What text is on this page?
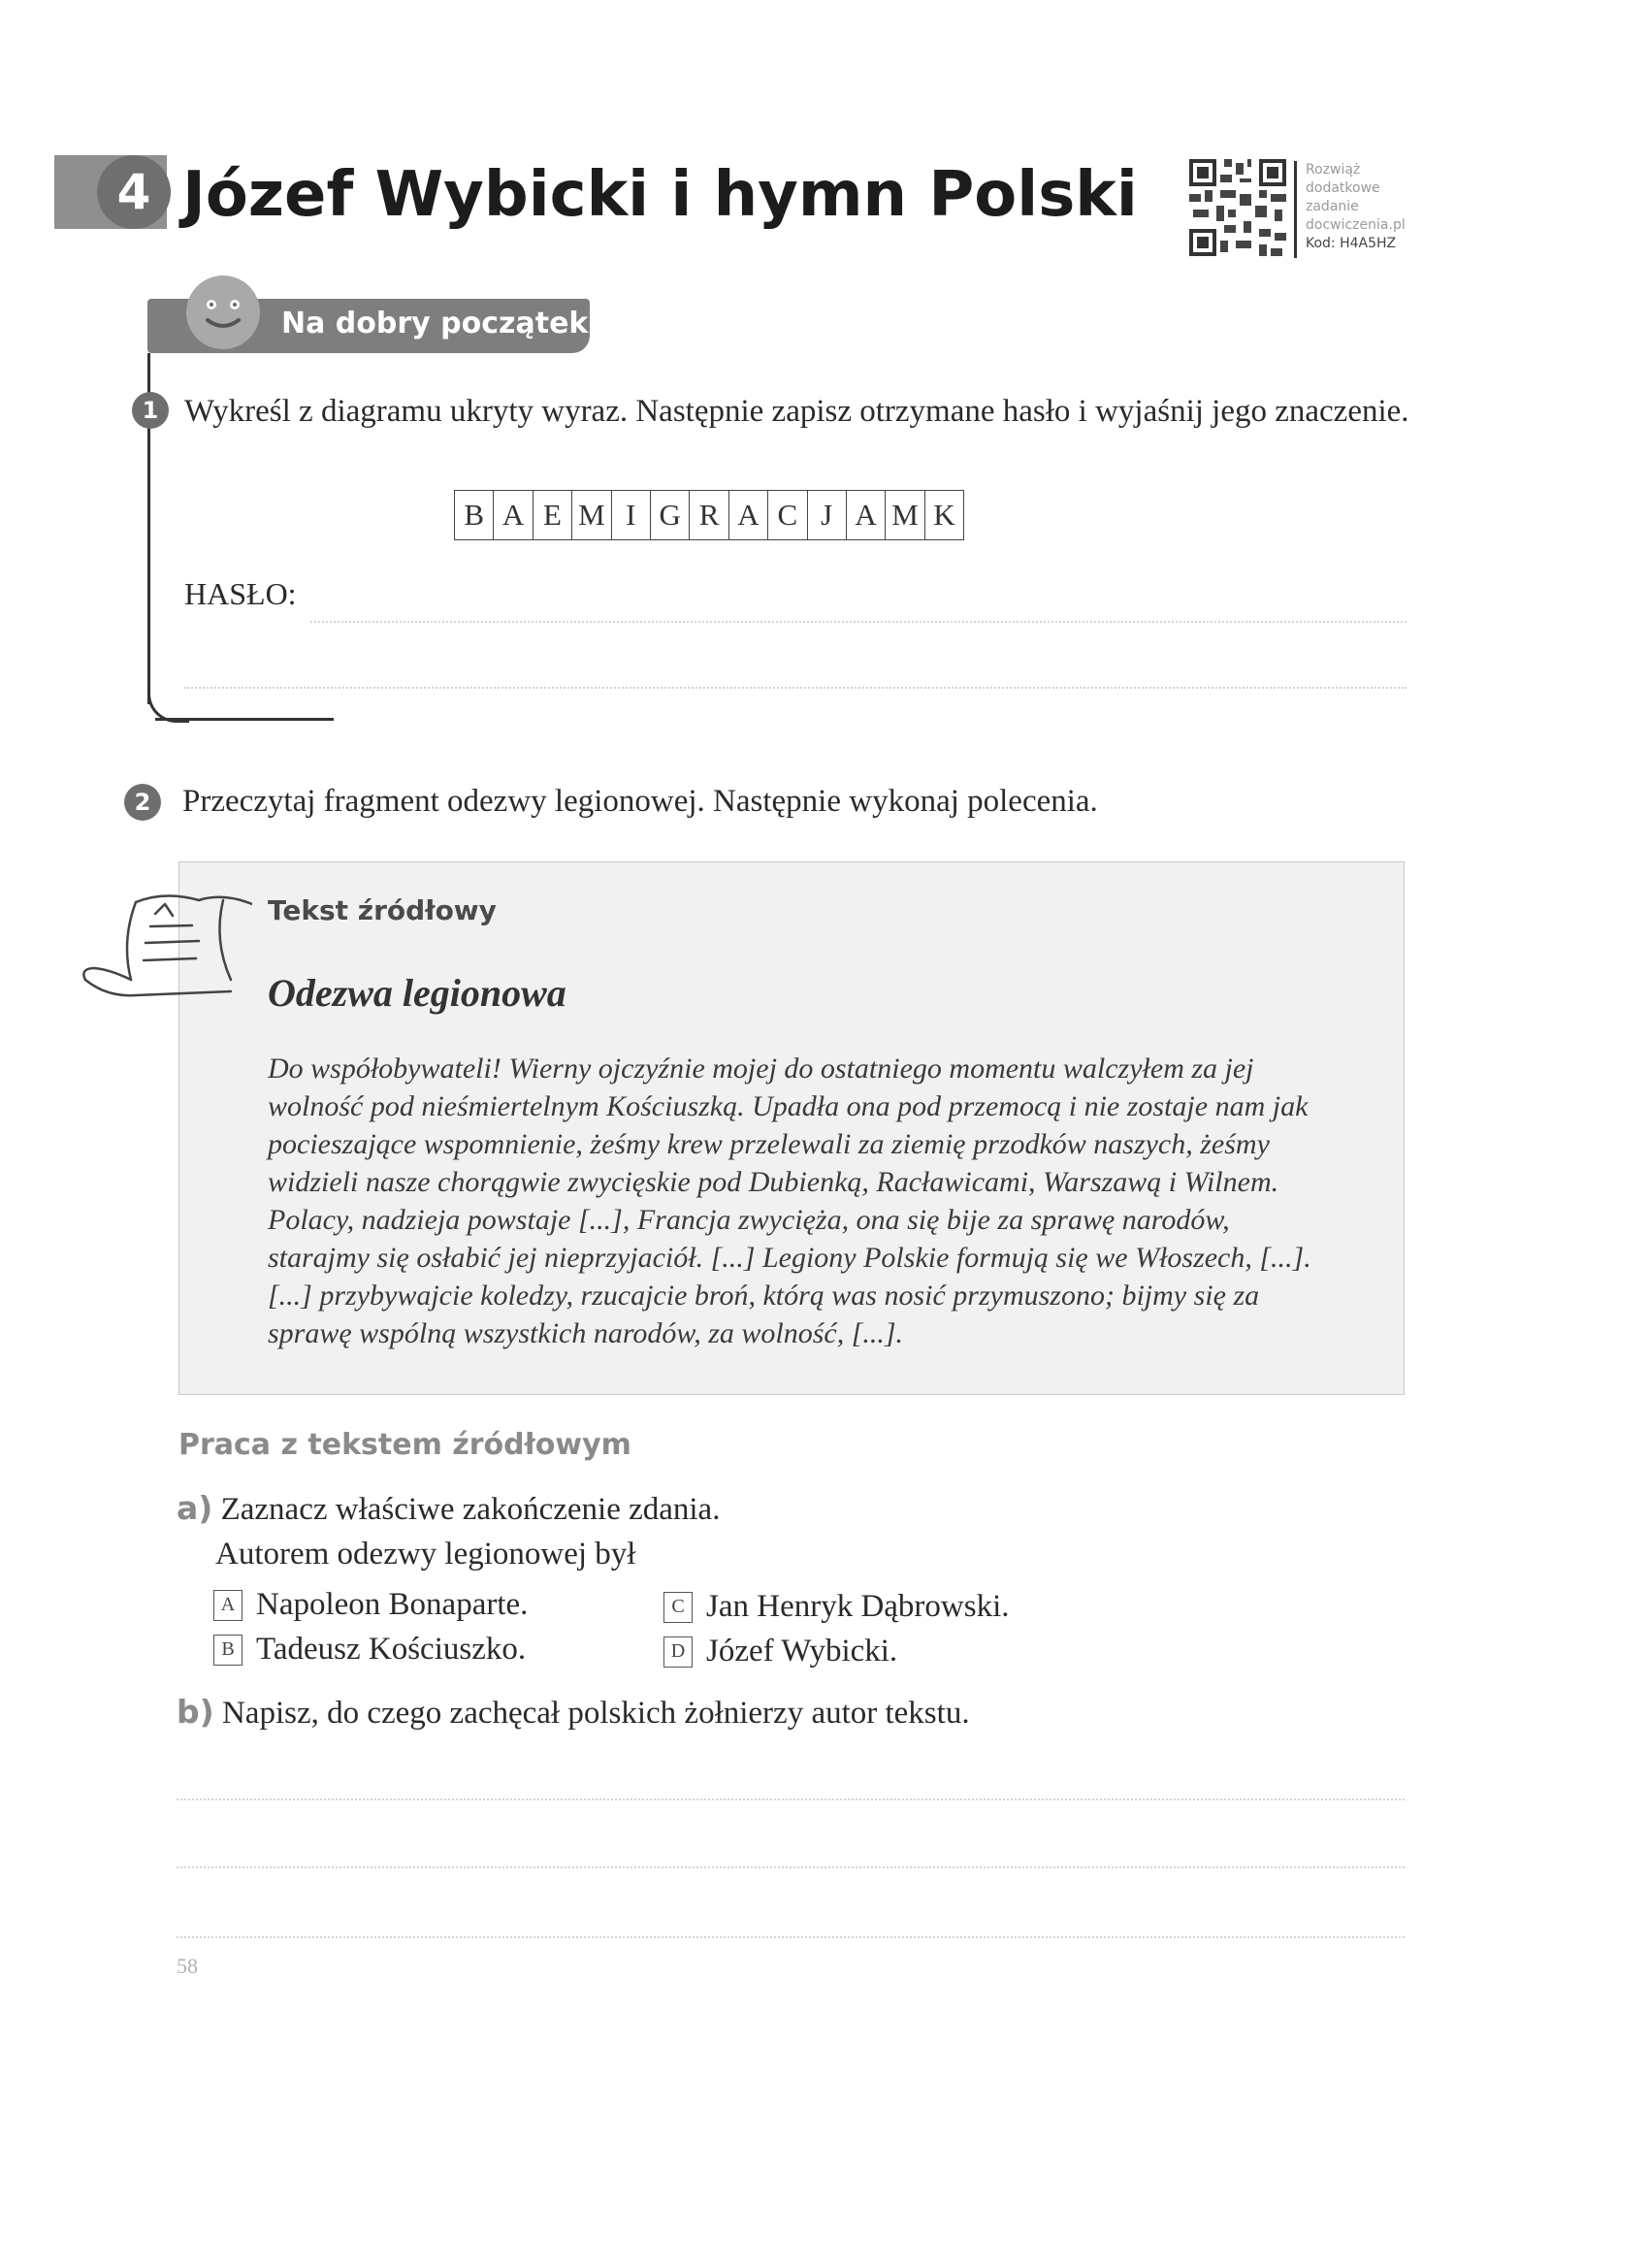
4 Józef Wybicki i hymn Polski	Rozwiąż
dodatkowe
zadanie
docwiczenia.pl
Kod: H4A5HZ
Na dobry początek
1 Wykreśl z diagramu ukryty wyraz. Następnie zapisz otrzymane hasło i wyjaśnij jego znaczenie.
B A E M I G R A C J A M K
HASŁO:
2 Przeczytaj fragment odezwy legionowej. Następnie wykonaj polecenia.
Tekst źródłowy
Odezwa legionowa
Do współobywateli! Wierny ojczyźnie mojej do ostatniego momentu walczyłem za jej wolność pod nieśmiertelnym Kościuszką. Upadła ona pod przemocą i nie zostaje nam jak pocieszające wspomnienie, żeśmy krew przelewali za ziemię przodków naszych, żeśmy widzieli nasze chorągwie zwycięskie pod Dubienką, Racławicami, Warszawą i Wilnem. Polacy, nadzieja powstaje [...], Francja zwycięża, ona się bije za sprawę narodów, starajmy się osłabić jej nieprzyjaciół. [...] Legiony Polskie formują się we Włoszech, [...]. [...] przybywajcie koledzy, rzucajcie broń, którą was nosić przymuszono; bijmy się za sprawę wspólną wszystkich narodów, za wolność, [...].
Praca z tekstem źródłowym
a) Zaznacz właściwe zakończenie zdania.
Autorem odezwy legionowej był
A Napoleon Bonaparte.
B Tadeusz Kościuszko.
C Jan Henryk Dąbrowski.
D Józef Wybicki.
b) Napisz, do czego zachęcał polskich żołnierzy autor tekstu.
58
